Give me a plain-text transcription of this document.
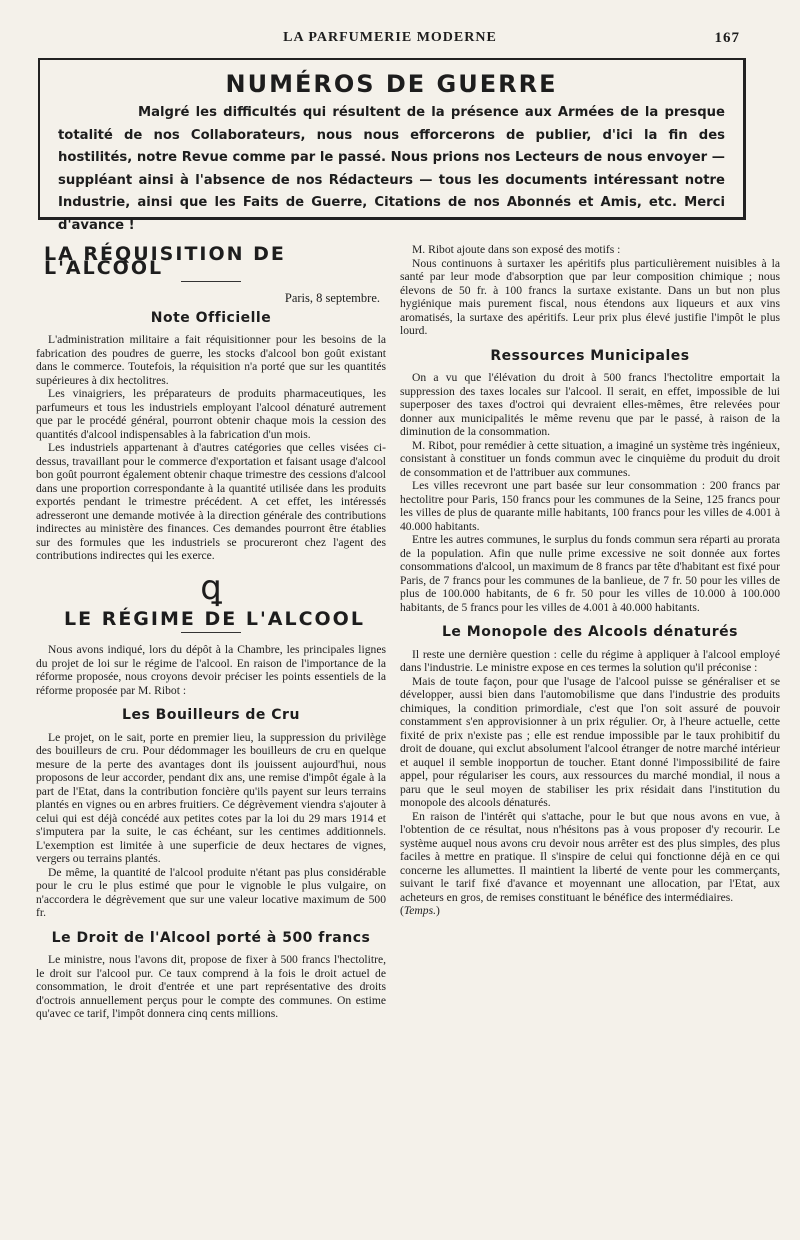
LA PARFUMERIE MODERNE	167
NUMÉROS DE GUERRE

Malgré les difficultés qui résultent de la présence aux Armées de la presque totalité de nos Collaborateurs, nous nous efforcerons de publier, d'ici la fin des hostilités, notre Revue comme par le passé. Nous prions nos Lecteurs de nous envoyer — suppléant ainsi à l'absence de nos Rédacteurs — tous les documents intéressant notre Industrie, ainsi que les Faits de Guerre, Citations de nos Abonnés et Amis, etc. Merci d'avance !

LA RÉQUISITION DE L'ALCOOL
Paris, 8 septembre.
Note Officielle

L'administration militaire a fait réquisitionner pour les besoins de la fabrication des poudres de guerre, les stocks d'alcool bon goût existant dans le commerce. Toutefois, la réquisition n'a porté que sur les quantités supérieures à dix hectolitres.

Les vinaigriers, les préparateurs de produits pharmaceutiques, les parfumeurs et tous les industriels employant l'alcool dénaturé autrement que par le procédé général, pourront obtenir chaque mois la cession des quantités d'alcool indispensables à la fabrication d'un mois.

Les industriels appartenant à d'autres catégories que celles visées ci-dessus, travaillant pour le commerce d'exportation et faisant usage d'alcool bon goût pourront également obtenir chaque trimestre des cessions d'alcool dans une proportion correspondante à la quantité utilisée dans les produits exportés pendant le trimestre précédent. A cet effet, les intéressés adresseront une demande motivée à la direction générale des contributions indirectes au ministère des finances. Ces demandes pourront être établies sur des formules que les industriels se procureront chez l'agent des contributions indirectes qui les exerce.

ꝗ
LE RÉGIME DE L'ALCOOL

Nous avons indiqué, lors du dépôt à la Chambre, les principales lignes du projet de loi sur le régime de l'alcool. En raison de l'importance de la réforme proposée, nous croyons devoir préciser les points essentiels de la réforme proposée par M. Ribot :

Les Bouilleurs de Cru

Le projet, on le sait, porte en premier lieu, la suppression du privilège des bouilleurs de cru. Pour dédommager les bouilleurs de cru en quelque mesure de la perte des avantages dont ils jouissent aujourd'hui, nous proposons de leur accorder, pendant dix ans, une remise d'impôt égale à la part de l'Etat, dans la contribution foncière qu'ils payent sur leurs terrains plantés en vignes ou en arbres fruitiers. Ce dégrèvement viendra s'ajouter à celui qui est déjà concédé aux petites cotes par la loi du 29 mars 1914 et s'imputera par la suite, le cas échéant, sur les centimes additionnels. L'exemption est limitée à une superficie de deux hectares de vignes, vergers ou terrains plantés.

De même, la quantité de l'alcool produite n'étant pas plus considérable pour le cru le plus estimé que pour le vignoble le plus vulgaire, on n'accordera le dégrèvement que sur une valeur locative maximum de 500 fr.

Le Droit de l'Alcool porté à 500 francs

Le ministre, nous l'avons dit, propose de fixer à 500 francs l'hectolitre, le droit sur l'alcool pur. Ce taux comprend à la fois le droit actuel de consommation, le droit d'entrée et une part représentative des droits d'octrois annuellement perçus pour le compte des communes. On estime qu'avec ce tarif, l'impôt donnera cinq cents millions.

M. Ribot ajoute dans son exposé des motifs :

Nous continuons à surtaxer les apéritifs plus particulièrement nuisibles à la santé par leur mode d'absorption que par leur composition chimique ; nous élevons de 50 fr. à 100 francs la surtaxe existante. Dans un but non plus hygiénique mais purement fiscal, nous étendons aux liqueurs et aux vins aromatisés, la surtaxe des apéritifs. Leur prix plus élevé justifie l'impôt le plus lourd.

Ressources Municipales

On a vu que l'élévation du droit à 500 francs l'hectolitre emportait la suppression des taxes locales sur l'alcool. Il serait, en effet, impossible de lui superposer des taxes d'octroi qui devraient elles-mêmes, être relevées pour donner aux municipalités le même revenu que par le passé, à raison de la diminution de la consommation.

M. Ribot, pour remédier à cette situation, a imaginé un système très ingénieux, consistant à constituer un fonds commun avec le cinquième du produit du droit de consommation et de l'attribuer aux communes.

Les villes recevront une part basée sur leur consommation : 200 francs par hectolitre pour Paris, 150 francs pour les communes de la Seine, 125 francs pour les villes de plus de quarante mille habitants, 100 francs pour les villes de 4.001 à 40.000 habitants.

Entre les autres communes, le surplus du fonds commun sera réparti au prorata de la population. Afin que nulle prime excessive ne soit donnée aux fortes consommations d'alcool, un maximum de 8 francs par tête d'habitant est fixé pour Paris, de 7 francs pour les communes de la banlieue, de 7 fr. 50 pour les villes de plus de 100.000 habitants, de 6 fr. 50 pour les villes de 10.000 à 100.000 habitants, de 5 francs pour les villes de 4.001 à 40.000 habitants.

Le Monopole des Alcools dénaturés

Il reste une dernière question : celle du régime à appliquer à l'alcool employé dans l'industrie. Le ministre expose en ces termes la solution qu'il préconise :

Mais de toute façon, pour que l'usage de l'alcool puisse se généraliser et se développer, aussi bien dans l'automobilisme que dans l'industrie des produits chimiques, la condition primordiale, c'est que l'on soit assuré de pouvoir constamment s'en approvisionner à un prix régulier. Or, à l'heure actuelle, cette fixité de prix n'existe pas ; elle est rendue impossible par le taux prohibitif du droit de douane, qui exclut absolument l'alcool étranger de notre marché intérieur et auquel il semble inopportun de toucher. Etant donné l'impossibilité de faire appel, pour régulariser les cours, aux ressources du marché mondial, il nous a paru que le seul moyen de stabiliser les prix résidait dans l'institution du monopole des alcools dénaturés.

En raison de l'intérêt qui s'attache, pour le but que nous avons en vue, à l'obtention de ce résultat, nous n'hésitons pas à vous proposer d'y recourir. Le système auquel nous avons cru devoir nous arrêter est des plus simples, des plus faciles à mettre en pratique. Il s'inspire de celui qui fonctionne déjà en ce qui concerne les allumettes. Il maintient la liberté de vente pour les commerçants, suivant le tarif fixé d'avance et moyennant une allocation, par l'Etat, aux acheteurs en gros, de remises constituant le bénéfice des intermédiaires.

(Temps.)
